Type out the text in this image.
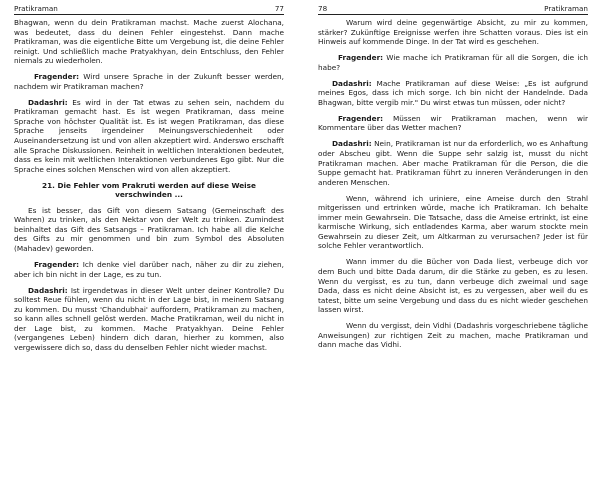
Pratikraman	77

Bhagwan, wenn du dein Pratikraman machst. Mache zuerst Alochana, was bedeutet, dass du deinen Fehler eingestehst. Dann mache Pratikraman, was die eigentliche Bitte um Vergebung ist, die deine Fehler reinigt. Und schließlich mache Pratyakhyan, dein Entschluss, den Fehler niemals zu wiederholen.

Fragender: Wird unsere Sprache in der Zukunft besser werden, nachdem wir Pratikraman machen?

Dadashri: Es wird in der Tat etwas zu sehen sein, nachdem du Pratikraman gemacht hast. Es ist wegen Pratikraman, dass meine Sprache von höchster Qualität ist. Es ist wegen Pratikraman, das diese Sprache jenseits irgendeiner Meinungsverschiedenheit oder Auseinandersetzung ist und von allen akzeptiert wird. Anderswo erschafft alle Sprache Diskussionen. Reinheit in weltlichen Interaktionen bedeutet, dass es kein mit weltlichen Interaktionen verbundenes Ego gibt. Nur die Sprache eines solchen Menschen wird von allen akzeptiert.

21. Die Fehler vom Prakruti werden auf diese Weise
verschwinden ...

Es ist besser, das Gift von diesem Satsang (Gemeinschaft des Wahren) zu trinken, als den Nektar von der Welt zu trinken. Zumindest beinhaltet das Gift des Satsangs – Pratikraman. Ich habe all die Kelche des Gifts zu mir genommen und bin zum Symbol des Absoluten (Mahadev) geworden.

Fragender: Ich denke viel darüber nach, näher zu dir zu ziehen, aber ich bin nicht in der Lage, es zu tun.

Dadashri: Ist irgendetwas in dieser Welt unter deiner Kontrolle? Du solltest Reue fühlen, wenn du nicht in der Lage bist, in meinem Satsang zu kommen. Du musst 'Chandubhai' auffordern, Pratikraman zu machen, so kann alles schnell gelöst werden. Mache Pratikraman, weil du nicht in der Lage bist, zu kommen. Mache Pratyakhyan. Deine Fehler (vergangenes Leben) hindern dich daran, hierher zu kommen, also vergewissere dich so, dass du denselben Fehler nicht wieder machst.

78	Pratikraman

Warum wird deine gegenwärtige Absicht, zu mir zu kommen, stärker? Zukünftige Ereignisse werfen ihre Schatten voraus. Dies ist ein Hinweis auf kommende Dinge. In der Tat wird es geschehen.

Fragender: Wie mache ich Pratikraman für all die Sorgen, die ich habe?

Dadashri: Mache Pratikraman auf diese Weise: „Es ist aufgrund meines Egos, dass ich mich sorge. Ich bin nicht der Handelnde. Dada Bhagwan, bitte vergib mir." Du wirst etwas tun müssen, oder nicht?

Fragender: Müssen wir Pratikraman machen, wenn wir Kommentare über das Wetter machen?

Dadashri: Nein, Pratikraman ist nur da erforderlich, wo es Anhaftung oder Abscheu gibt. Wenn die Suppe sehr salzig ist, musst du nicht Pratikraman machen. Aber mache Pratikraman für die Person, die die Suppe gemacht hat. Pratikraman führt zu inneren Veränderungen in den anderen Menschen.

Wenn, während ich uriniere, eine Ameise durch den Strahl mitgerissen und ertrinken würde, mache ich Pratikraman. Ich behalte immer mein Gewahrsein. Die Tatsache, dass die Ameise ertrinkt, ist eine karmische Wirkung, sich entladendes Karma, aber warum stockte mein Gewahrsein zu dieser Zeit, um Altkarman zu verursachen? Jeder ist für solche Fehler verantwortlich.

Wann immer du die Bücher von Dada liest, verbeuge dich vor dem Buch und bitte Dada darum, dir die Stärke zu geben, es zu lesen. Wenn du vergisst, es zu tun, dann verbeuge dich zweimal und sage Dada, dass es nicht deine Absicht ist, es zu vergessen, aber weil du es tatest, bitte um seine Vergebung und dass du es nicht wieder geschehen lassen wirst.

Wenn du vergisst, dein Vidhi (Dadashris vorgeschriebene tägliche Anweisungen) zur richtigen Zeit zu machen, mache Pratikraman und dann mache das Vidhi.
